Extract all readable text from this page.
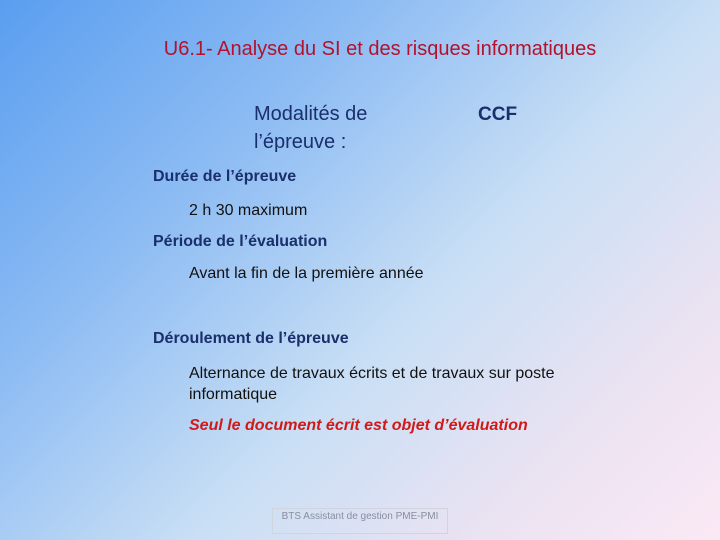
U6.1- Analyse du SI et des risques informatiques
Modalités de l’épreuve :
CCF
Durée de l’épreuve
2 h 30 maximum
Période de l’évaluation
Avant la fin de la première année
Déroulement de l’épreuve
Alternance de travaux écrits et de travaux sur poste informatique
Seul le document écrit est objet d’évaluation
BTS Assistant de gestion PME-PMI
